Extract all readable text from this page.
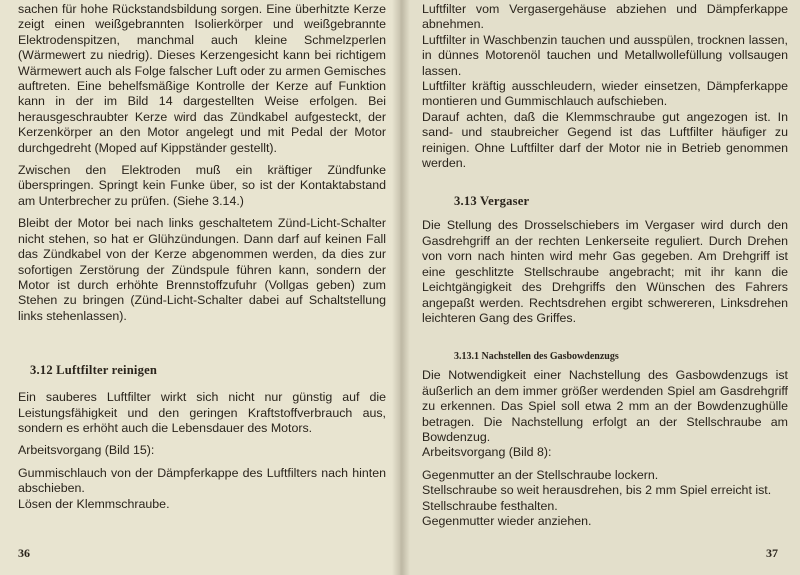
sachen für hohe Rückstandsbildung sorgen. Eine überhitzte Kerze zeigt einen weißgebrannten Isolierkörper und weißgebrannte Elektrodenspitzen, manchmal auch kleine Schmelzperlen (Wärmewert zu niedrig). Dieses Kerzengesicht kann bei richtigem Wärmewert auch als Folge falscher Luft oder zu armen Gemisches auftreten. Eine behelfsmäßige Kontrolle der Kerze auf Funktion kann in der im Bild 14 dargestellten Weise erfolgen. Bei herausgeschraubter Kerze wird das Zündkabel aufgesteckt, der Kerzenkörper an den Motor angelegt und mit Pedal der Motor durchgedreht (Moped auf Kippständer gestellt).

Zwischen den Elektroden muß ein kräftiger Zündfunke überspringen. Springt kein Funke über, so ist der Kontaktabstand am Unterbrecher zu prüfen. (Siehe 3.14.)

Bleibt der Motor bei nach links geschaltetem Zünd-Licht-Schalter nicht stehen, so hat er Glühzündungen. Dann darf auf keinen Fall das Zündkabel von der Kerze abgenommen werden, da dies zur sofortigen Zerstörung der Zündspule führen kann, sondern der Motor ist durch erhöhte Brennstoffzufuhr (Vollgas geben) zum Stehen zu bringen (Zünd-Licht-Schalter dabei auf Schaltstellung links stehenlassen).

3.12 Luftfilter reinigen

Ein sauberes Luftfilter wirkt sich nicht nur günstig auf die Leistungsfähigkeit und den geringen Kraftstoffverbrauch aus, sondern es erhöht auch die Lebensdauer des Motors.

Arbeitsvorgang (Bild 15):

Gummischlauch von der Dämpferkappe des Luftfilters nach hinten abschieben.

Lösen der Klemmschraube.

36

Luftfilter vom Vergasergehäuse abziehen und Dämpferkappe abnehmen.

Luftfilter in Waschbenzin tauchen und ausspülen, trocknen lassen, in dünnes Motorenöl tauchen und Metallwollefüllung vollsaugen lassen.

Luftfilter kräftig ausschleudern, wieder einsetzen, Dämpferkappe montieren und Gummischlauch aufschieben.

Darauf achten, daß die Klemmschraube gut angezogen ist. In sand- und staubreicher Gegend ist das Luftfilter häufiger zu reinigen. Ohne Luftfilter darf der Motor nie in Betrieb genommen werden.

3.13 Vergaser

Die Stellung des Drosselschiebers im Vergaser wird durch den Gasdrehgriff an der rechten Lenkerseite reguliert. Durch Drehen von vorn nach hinten wird mehr Gas gegeben. Am Drehgriff ist eine geschlitzte Stellschraube angebracht; mit ihr kann die Leichtgängigkeit des Drehgriffs den Wünschen des Fahrers angepaßt werden. Rechtsdrehen ergibt schwereren, Linksdrehen leichteren Gang des Griffes.

3.13.1 Nachstellen des Gasbowdenzugs

Die Notwendigkeit einer Nachstellung des Gasbowdenzugs ist äußerlich an dem immer größer werdenden Spiel am Gasdrehgriff zu erkennen. Das Spiel soll etwa 2 mm an der Bowdenzughülle betragen. Die Nachstellung erfolgt an der Stellschraube am Bowdenzug.

Arbeitsvorgang (Bild 8):

Gegenmutter an der Stellschraube lockern.

Stellschraube so weit herausdrehen, bis 2 mm Spiel erreicht ist.

Stellschraube festhalten.

Gegenmutter wieder anziehen.

37
